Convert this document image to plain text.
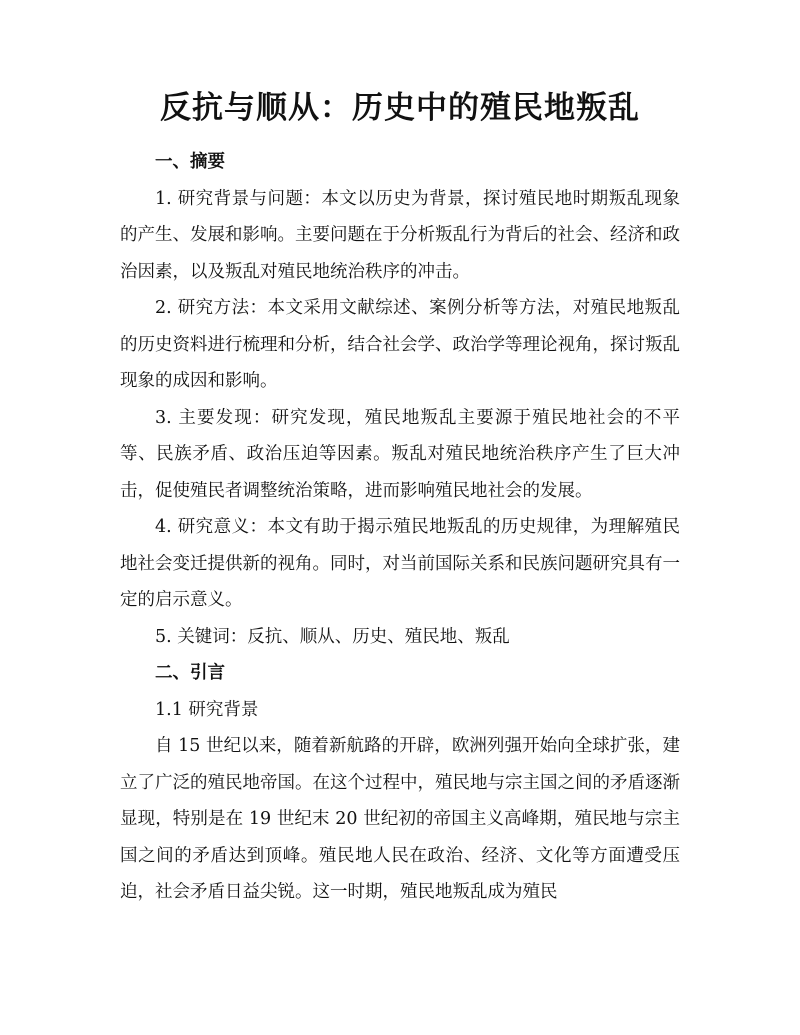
反抗与顺从：历史中的殖民地叛乱
一、摘要

1. 研究背景与问题：本文以历史为背景，探讨殖民地时期叛乱现象的产生、发展和影响。主要问题在于分析叛乱行为背后的社会、经济和政治因素，以及叛乱对殖民地统治秩序的冲击。

2. 研究方法：本文采用文献综述、案例分析等方法，对殖民地叛乱的历史资料进行梳理和分析，结合社会学、政治学等理论视角，探讨叛乱现象的成因和影响。

3. 主要发现：研究发现，殖民地叛乱主要源于殖民地社会的不平等、民族矛盾、政治压迫等因素。叛乱对殖民地统治秩序产生了巨大冲击，促使殖民者调整统治策略，进而影响殖民地社会的发展。

4. 研究意义：本文有助于揭示殖民地叛乱的历史规律，为理解殖民地社会变迁提供新的视角。同时，对当前国际关系和民族问题研究具有一定的启示意义。

5. 关键词：反抗、顺从、历史、殖民地、叛乱

二、引言
1.1 研究背景

自 15 世纪以来，随着新航路的开辟，欧洲列强开始向全球扩张，建立了广泛的殖民地帝国。在这个过程中，殖民地与宗主国之间的矛盾逐渐显现，特别是在 19 世纪末 20 世纪初的帝国主义高峰期，殖民地与宗主国之间的矛盾达到顶峰。殖民地人民在政治、经济、文化等方面遭受压迫，社会矛盾日益尖锐。这一时期，殖民地叛乱成为殖民
